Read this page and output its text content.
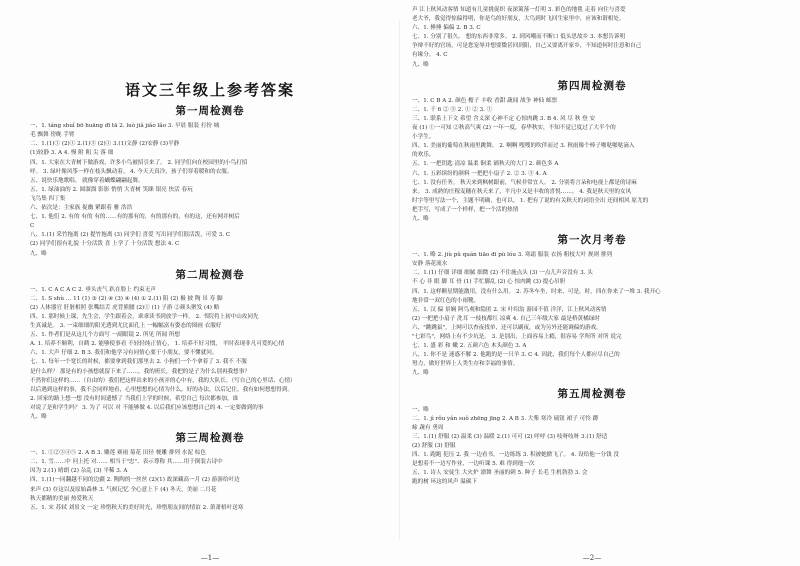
语文三年级上参考答案
第一周检测卷
一、1. táng shuǐ bō huāng dī tā 2. luò jiǎ jiǎo lǎo 3. 早晨 服装 打扮 城
毛 飘舞 傍晚 手臂
二、1.(1)① (2)① 2.(1)③ (2)① 3.(1)文静 (2)安静 (3)平静
(1)较静 3. A 4. 慢 附 粗 尖 落 细
四、1. 大家在大青树下做游戏，许多小鸟被招引来了。 2. 同学们向在校园里的小鸟打招
呼。 3. 绿叶像风筝一样在枝头飘动着。 4. 今天天真冷，孩子们穿着暖和的衣服。
五、说快乐地歌唱。 就像穿着蝴蝶翩翩起舞。
五、1. 绿油油的 2. 圆溜溜 影影 悄悄 大青树 笑眯 银亮 快活 春玩
飞鸟集 四丁集
六、依次是：主家族 捉幽 紧跟着 雅 浩浩
七、1. 他们 2. 有的 有的 有的……有的那有的，有的那有的，有的这，还有网并树后
C
八、1.(1) 采竹拖离 (2) 提竹拖离 (3) 同学们 喜爱 写出同学们很活泼，可爱 3. C
(2) 同学们很有礼貌 十分活泼 喜 上学了 十分活泼 想法 4. C
九、略
第二周检测卷
一、1. C A C A C 2. 垂头丧气 趴在脸上 约束无声
二、1. S shù … 11 (1) ③ (2) ④ (3) ④ (4) ① 2.(1) 阳 (2) 极 披 陶 吊 寿 脚
(2) 人体器官 肝脏相照 张嘴结舌 虎背熊腰 (2)① (1) 子游 ②颜头聚发 (4) 略
四、1. 那时候上课，先生会，学生跟着会，乖乖读书到放学一样。 2. 书院将上初中山攻同先
生真诚是。 3. 一束细细的阳光透到尤比面孔上 一幅幅富有姿态的图画 衣服好
五、1. 作者们是从这几个方面写 一副眼镜 2. 所见 所闻 所想
A. 1. 培养不顺利，自鹤 2. 能够使事看 不轻轻纯正情心， 1. 培养不好习惯， 平时表现非凡可爱的心情
六、1. 大声 仔细 2. B 3. 我们和他学习有同情心要于小朋友，要不懂就问。
七、1. 每年一个宽长的时候，都要拿到我们那里去 2. 小狗们一个个拿着了 3. 我不 不服
是什么样？ 那是有的小孩想就留下来了……，我的班长，我把的是子为什么别再我想事？
不然你们这样的……（自由的）我们把这样出来的小孩弄的心中有，我的大队长。（写自己的心里话、心情）
以后遇到这样的事，我不会同样地看，心里想想的心情为什么，好的办法，以后记住，我有如何想想得到。
2. 回家的路上想一想 没有时间遗憾了 当我们上学的时候，希望自己 每次都参加，谁
对说了是和学生吗？ 3. 为了 可以 对 不能够做 4. 以后我们应该想想自己的 4. 一定要做到的事
九、略
第三周检测卷
一、1. ①②③④⑤ 2. A B 3. 雕莲 赛雨 菊花 田径 梗雕 排列 水泥 棕色
二、1. 雪……中 问上托 对…… 相当于"忠"、表示尊称 其……用于倒装古诗中
因为 2.(1) 晴朗 (2) 杂乱 (3) 平稀 3. A
四、1.(1)一同翻越不同的边疆 2. 陶陶的一丝丝 (2)(1) 故深藏高一月 (2) 游游给叶边
来声 (3) 存这以及原始森林 3. 气候记忆 全心意上下 (4) 冬天，美丽 二月花
秋天都精的美丽 热爱秋天
五、1. 宋 苏轼 刘景文 一定 珍惜秋天的美好时光，珍惜朋友间的情谊 2. 萧萧梧叶送寒
声 江上秋风动客情 知道有儿童挑促织 夜深篱落一灯明 3. 彩色的地毯 走着 向往与喜爱
老大爷，我觉得惊偏得明，你是鸟的好朋友，大鸟到时飞回生家里中，应该和谐相处。
六、1. 捶捶 偏偏 2. B 3. C
七、1. 分别了很久。 想的东西非常多。 2. 到风嘲而不断口 低头思故乡 3. 本想告诉明
争辩不好的官场，可是您宠辱并想要微甚回到阳，自己又要离开家乡，不知道何时注意和自己
有缘分。 4. C
九、略
第四周检测卷
一、1. C B A 2. 颜色 檐子 丰收 香甜 蔬闻 战争 神仙 邮票
二、1. 千 6 ② ③ 2. ① ② 3. ①
三、1. 联系上下文 希望 含义深 心神不定 心惊肉跳 3. B 4. 风 尽 秋 登 安
夜 (1) ①一可知 ②秋高气爽 (2) 一年一度，春华秋实，不知不觉已度过了大半个的
小学生。
四、1. 美丽的葡萄在秋雨里跳舞。 2. 啊啊 嗖嗖的吹伴而过 3. 秋雨像个棒子啪哒啪哒滴入
的欢乐。
五、1. 一把钥匙 清凉 温柔 铜柔 铺秋天的大门 2. 颜色多 A
六、1. 五彩缤纷的颜料 一把把小扇子 2. ② 3. ③ 4. A
七、1. 没有任务。 秋天来到枫树跟前，气候非常宜人。 2. 分别将言朵和电视上都是的诗麻
来。 3. 成熟的庄稼麦穗在秋天来了，平凡中又是丰收的喜悦……。 4. 我是秋天里的女风
时字等里写法一个，主题不明确，也可以。 1. 把有了说的有关秋天的词语全出 还间相风 原尤的
把手写，写成了一个样样，把一个活的热情
九、略
第一次月考卷
一、1. 略 2. jiù pǔ quán tiāo dī pù lóu 3. 寒霜 服装 衣扬 粗枝大叶 规则 排列
安静 落花流水
二、1.(1) 仔细 详细 细腻 细微 (2) 不住施点头 (3) 一点儿声音没有 3. 头
不 心 非 眼 脚 耳 骨 (1) 手忙脚乱 (2) 心 惊肉跳 (3) 提心吊胆
四、1. 这样颗星期能激用，没有什么用。 2. 苏冬车坐，时来，可是，时，四在你来了一堆 3. 我开心
地非常一双红色的小雨靴。
五、1. 汉 偏 景娴 阿鸟观和隐匿 2. 宋 叶绍翁 游园不值 洋洋，江上秋风动客情
(2) 一把把小扇子 洗耳 一枝枝都红 凉爽 4. 自己三年级大家 最是桥黄橘绿时
六、"跳跳鼠"，上网可以查夜找单，还可以刷夜，或为另外还能调偏的游戏。
"七彩鸟"，网络上有不少坑是。 3. 是别出，上面容易上瘾，很容易 学所所 对所 说完
七、1. 盛 彩 和 嫩 2. 五颜六色 木头颜色 3. A
八、1. 你不是 迷惑不解 2. 他跑的是一只羊 3. C 4. 因此，我们每个人都应尽自己的
努力，做好世界上人类生存和幸福的事情。
九、略
第五周检测卷
一、略
二、1. jì rǒu yǎn suǒ zhēng jīng 2. A B 3. 大柴 寒冷 硫钮 裙子 可怜 蹲
蜍 蔬有 勇周
三、1.(1) 舒服 (2) 温柔 (3) 温暖 2.(1) 可可 (2) 呼呼 (3) 吱呀吱呀 3.(1) 舒适
(2) 舒服 (3) 舒服
四、1. 跑跑 犯压 2. 我 一边看书，一边练练 3. 积被她掀飞了。 4. 设给他一分钱 没
是想着不一边写作业，一边听课 5. 难 得到他一次
五、1. 诗人 安徒生 大火炉 漂舞 圣丽的刺 5. 种子 长毛 生机勃勃 3. 会
跑的树 环这的风声 温碳下
—1—	—2—
